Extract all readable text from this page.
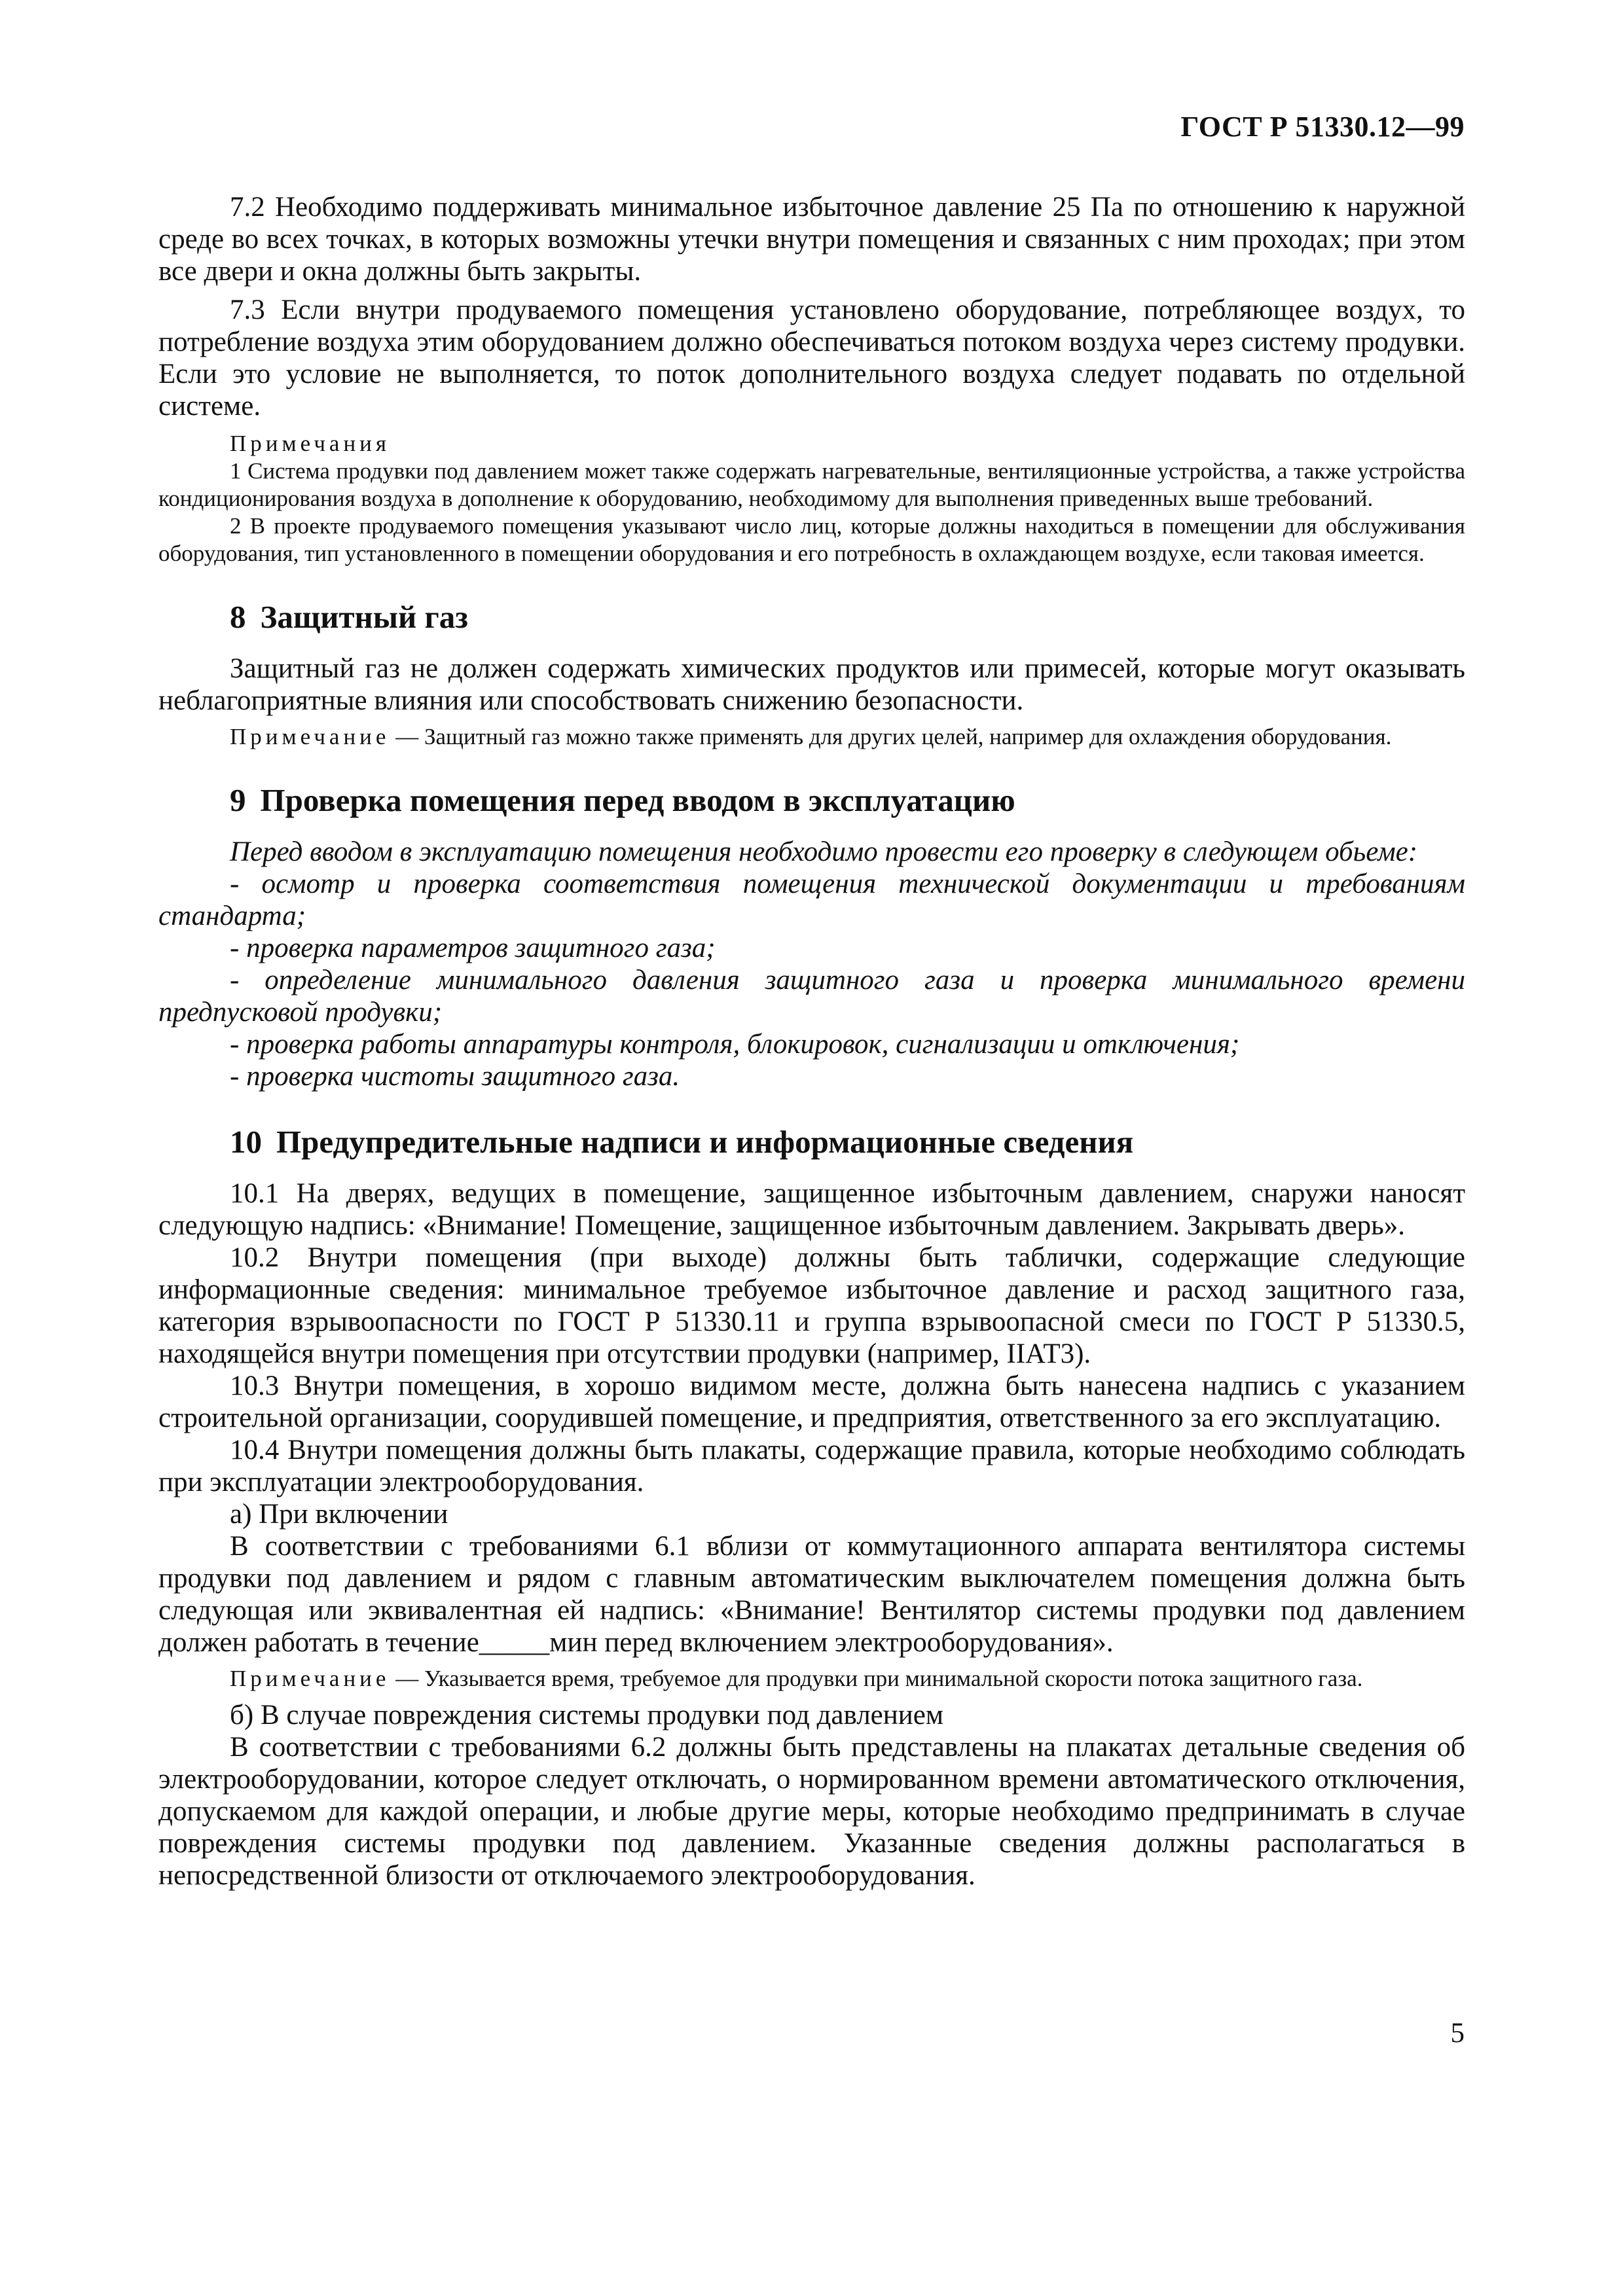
ГОСТ Р 51330.12—99

7.2 Необходимо поддерживать минимальное избыточное давление 25 Па по отношению к наружной среде во всех точках, в которых возможны утечки внутри помещения и связанных с ним проходах; при этом все двери и окна должны быть закрыты.

7.3 Если внутри продуваемого помещения установлено оборудование, потребляющее воздух, то потребление воздуха этим оборудованием должно обеспечиваться потоком воздуха через систему продувки. Если это условие не выполняется, то поток дополнительного воздуха следует подавать по отдельной системе.

Примечания

1 Система продувки под давлением может также содержать нагревательные, вентиляционные устройства, а также устройства кондиционирования воздуха в дополнение к оборудованию, необходимому для выполнения приведенных выше требований.

2 В проекте продуваемого помещения указывают число лиц, которые должны находиться в помещении для обслуживания оборудования, тип установленного в помещении оборудования и его потребность в охлаждающем воздухе, если таковая имеется.

8 Защитный газ

Защитный газ не должен содержать химических продуктов или примесей, которые могут оказывать неблагоприятные влияния или способствовать снижению безопасности.

Примечание — Защитный газ можно также применять для других целей, например для охлаждения оборудования.

9 Проверка помещения перед вводом в эксплуатацию

Перед вводом в эксплуатацию помещения необходимо провести его проверку в следующем обьеме:

- осмотр и проверка соответствия помещения технической документации и требованиям стандарта;

- проверка параметров защитного газа;

- определение минимального давления защитного газа и проверка минимального времени предпусковой продувки;

- проверка работы аппаратуры контроля, блокировок, сигнализации и отключения;

- проверка чистоты защитного газа.

10 Предупредительные надписи и информационные сведения

10.1 На дверях, ведущих в помещение, защищенное избыточным давлением, снаружи наносят следующую надпись: «Внимание! Помещение, защищенное избыточным давлением. Закрывать дверь».

10.2 Внутри помещения (при выходе) должны быть таблички, содержащие следующие информационные сведения: минимальное требуемое избыточное давление и расход защитного газа, категория взрывоопасности по ГОСТ Р 51330.11 и группа взрывоопасной смеси по ГОСТ Р 51330.5, находящейся внутри помещения при отсутствии продувки (например, IIАТ3).

10.3 Внутри помещения, в хорошо видимом месте, должна быть нанесена надпись с указанием строительной организации, соорудившей помещение, и предприятия, ответственного за его эксплуатацию.

10.4 Внутри помещения должны быть плакаты, содержащие правила, которые необходимо соблюдать при эксплуатации электрооборудования.

а) При включении

В соответствии с требованиями 6.1 вблизи от коммутационного аппарата вентилятора системы продувки под давлением и рядом с главным автоматическим выключателем помещения должна быть следующая или эквивалентная ей надпись: «Внимание! Вентилятор системы продувки под давлением должен работать в течение_____мин перед включением электрооборудования».

Примечание — Указывается время, требуемое для продувки при минимальной скорости потока защитного газа.

б) В случае повреждения системы продувки под давлением

В соответствии с требованиями 6.2 должны быть представлены на плакатах детальные сведения об электрооборудовании, которое следует отключать, о нормированном времени автоматического отключения, допускаемом для каждой операции, и любые другие меры, которые необходимо предпринимать в случае повреждения системы продувки под давлением. Указанные сведения должны располагаться в непосредственной близости от отключаемого электрооборудования.

5
